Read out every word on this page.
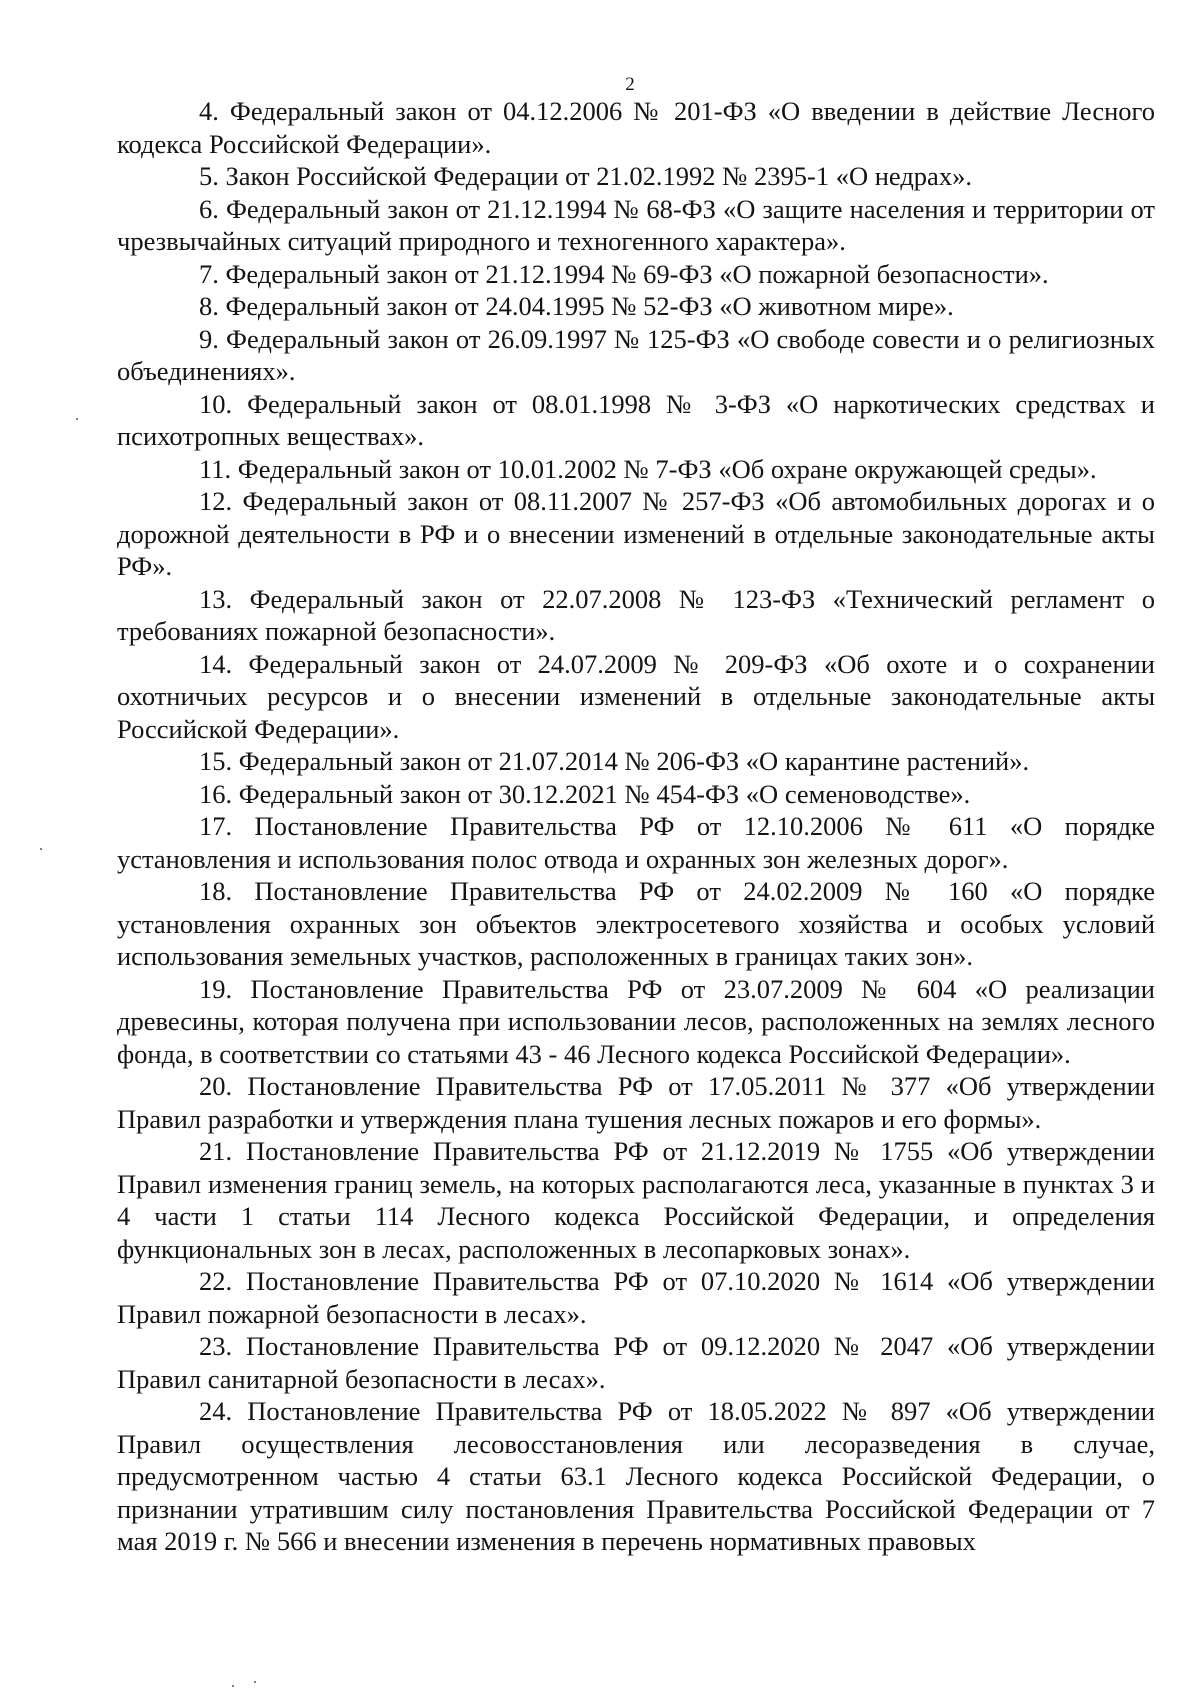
2

4. Федеральный закон от 04.12.2006 № 201-ФЗ «О введении в действие Лесного кодекса Российской Федерации».

5. Закон Российской Федерации от 21.02.1992 № 2395-1 «О недрах».

6. Федеральный закон от 21.12.1994 № 68-ФЗ «О защите населения и территории от чрезвычайных ситуаций природного и техногенного характера».

7. Федеральный закон от 21.12.1994 № 69-ФЗ «О пожарной безопасности».

8. Федеральный закон от 24.04.1995 № 52-ФЗ «О животном мире».

9. Федеральный закон от 26.09.1997 № 125-ФЗ «О свободе совести и о религиозных объединениях».

10. Федеральный закон от 08.01.1998 № 3-ФЗ «О наркотических средствах и психотропных веществах».

11. Федеральный закон от 10.01.2002 № 7-ФЗ «Об охране окружающей среды».

12. Федеральный закон от 08.11.2007 № 257-ФЗ «Об автомобильных дорогах и о дорожной деятельности в РФ и о внесении изменений в отдельные законодательные акты РФ».

13. Федеральный закон от 22.07.2008 № 123-ФЗ «Технический регламент о требованиях пожарной безопасности».

14. Федеральный закон от 24.07.2009 № 209-ФЗ «Об охоте и о сохранении охотничьих ресурсов и о внесении изменений в отдельные законодательные акты Российской Федерации».

15. Федеральный закон от 21.07.2014 № 206-ФЗ «О карантине растений».

16. Федеральный закон от 30.12.2021 № 454-ФЗ «О семеноводстве».

17. Постановление Правительства РФ от 12.10.2006 № 611 «О порядке установления и использования полос отвода и охранных зон железных дорог».

18. Постановление Правительства РФ от 24.02.2009 № 160 «О порядке установления охранных зон объектов электросетевого хозяйства и особых условий использования земельных участков, расположенных в границах таких зон».

19. Постановление Правительства РФ от 23.07.2009 № 604 «О реализации древесины, которая получена при использовании лесов, расположенных на землях лесного фонда, в соответствии со статьями 43 - 46 Лесного кодекса Российской Федерации».

20. Постановление Правительства РФ от 17.05.2011 № 377 «Об утверждении Правил разработки и утверждения плана тушения лесных пожаров и его формы».

21. Постановление Правительства РФ от 21.12.2019 № 1755 «Об утверждении Правил изменения границ земель, на которых располагаются леса, указанные в пунктах 3 и 4 части 1 статьи 114 Лесного кодекса Российской Федерации, и определения функциональных зон в лесах, расположенных в лесопарковых зонах».

22. Постановление Правительства РФ от 07.10.2020 № 1614 «Об утверждении Правил пожарной безопасности в лесах».

23. Постановление Правительства РФ от 09.12.2020 № 2047 «Об утверждении Правил санитарной безопасности в лесах».

24. Постановление Правительства РФ от 18.05.2022 № 897 «Об утверждении Правил осуществления лесовосстановления или лесоразведения в случае, предусмотренном частью 4 статьи 63.1 Лесного кодекса Российской Федерации, о признании утратившим силу постановления Правительства Российской Федерации от 7 мая 2019 г. № 566 и внесении изменения в перечень нормативных правовых
